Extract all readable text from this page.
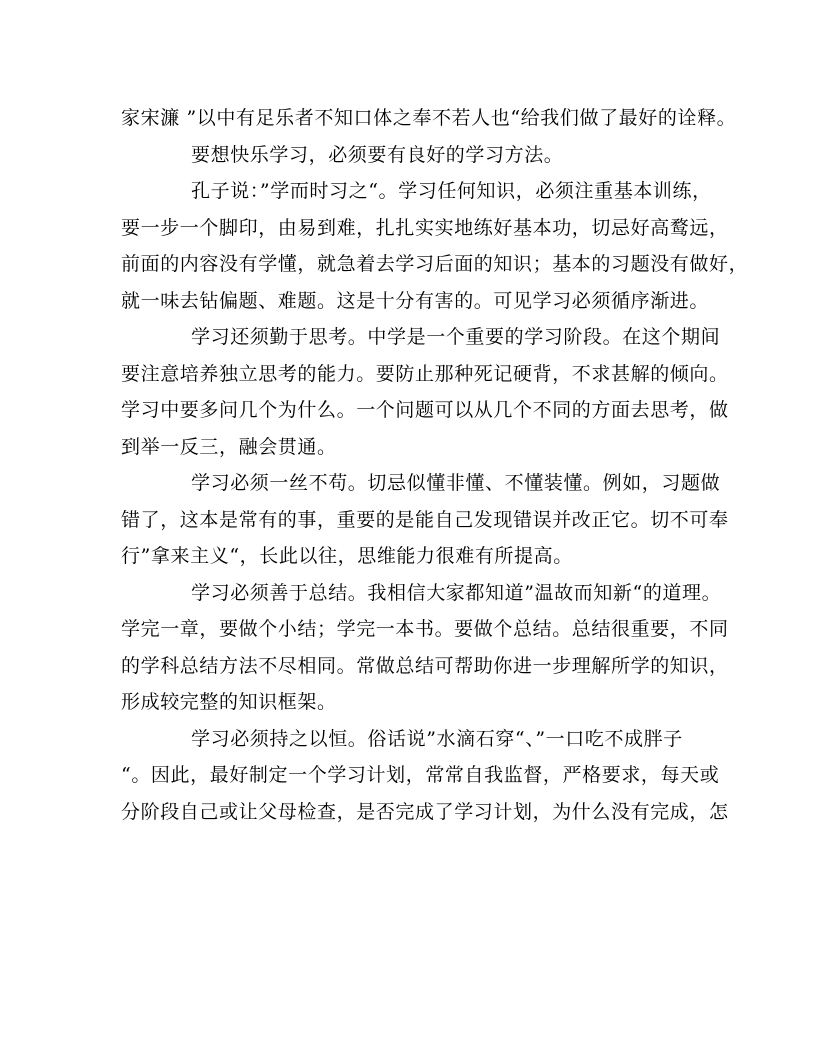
家宋濂 ”以中有足乐者不知口体之奉不若人也“给我们做了最好的诠释。
要想快乐学习，必须要有良好的学习方法。
孔子说：”学而时习之“。学习任何知识，必须注重基本训练，
要一步一个脚印，由易到难，扎扎实实地练好基本功，切忌好高鹜远，
前面的内容没有学懂，就急着去学习后面的知识；基本的习题没有做好，
就一味去钻偏题、难题。这是十分有害的。可见学习必须循序渐进。
学习还须勤于思考。中学是一个重要的学习阶段。在这个期间
要注意培养独立思考的能力。要防止那种死记硬背，不求甚解的倾向。
学习中要多问几个为什么。一个问题可以从几个不同的方面去思考，做
到举一反三，融会贯通。
学习必须一丝不苟。切忌似懂非懂、不懂装懂。例如，习题做
错了，这本是常有的事，重要的是能自己发现错误并改正它。切不可奉
行”拿来主义“，长此以往，思维能力很难有所提高。
学习必须善于总结。我相信大家都知道”温故而知新“的道理。
学完一章，要做个小结；学完一本书。要做个总结。总结很重要，不同
的学科总结方法不尽相同。常做总结可帮助你进一步理解所学的知识，
形成较完整的知识框架。
学习必须持之以恒。俗话说”水滴石穿“、”一口吃不成胖子
“。因此，最好制定一个学习计划，常常自我监督，严格要求，每天或
分阶段自己或让父母检查，是否完成了学习计划，为什么没有完成，怎
